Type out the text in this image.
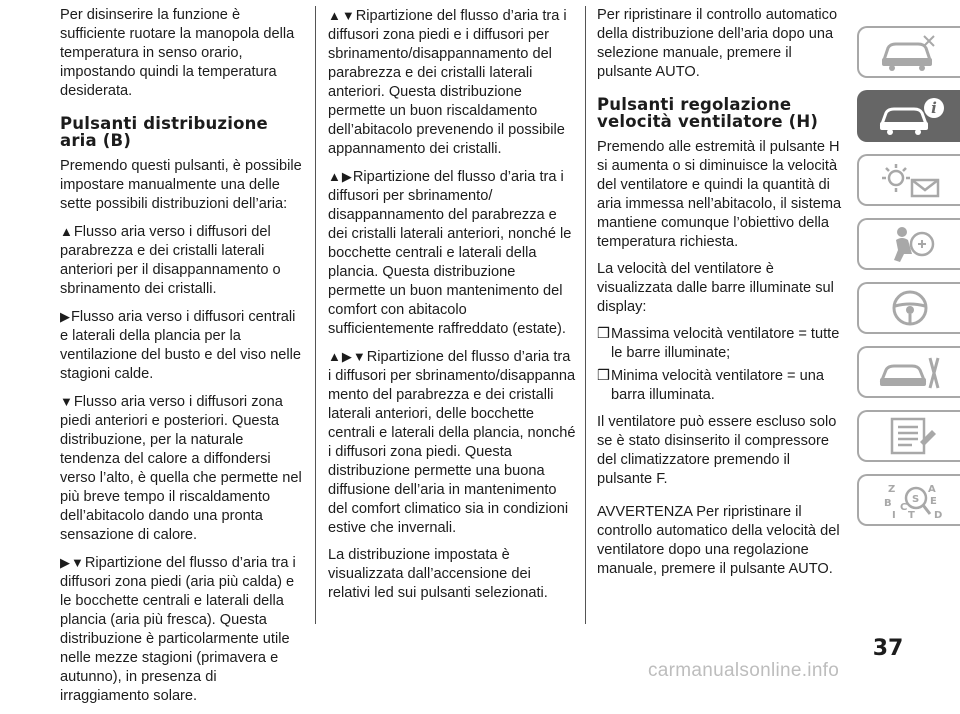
Per disinserire la funzione è sufficiente ruotare la manopola della temperatura in senso orario, impostando quindi la temperatura desiderata.

Pulsanti distribuzione aria (B)

Premendo questi pulsanti, è possibile impostare manualmente una delle sette possibili distribuzioni dell’aria:

▲Flusso aria verso i diffusori del parabrezza e dei cristalli laterali anteriori per il disappannamento o sbrinamento dei cristalli.

▶Flusso aria verso i diffusori centrali e laterali della plancia per la ventilazione del busto e del viso nelle stagioni calde.

▼Flusso aria verso i diffusori zona piedi anteriori e posteriori. Questa distribuzione, per la naturale tendenza del calore a diffondersi verso l’alto, è quella che permette nel più breve tempo il riscaldamento dell’abitacolo dando una pronta sensazione di calore.

▶▼Ripartizione del flusso d’aria tra i diffusori zona piedi (aria più calda) e le bocchette centrali e laterali della plancia (aria più fresca). Questa distribuzione è particolarmente utile nelle mezze stagioni (primavera e autunno), in presenza di irraggiamento solare.

▲▼Ripartizione del flusso d’aria tra i diffusori zona piedi e i diffusori per sbrinamento/disappannamento del parabrezza e dei cristalli laterali anteriori. Questa distribuzione permette un buon riscaldamento dell’abitacolo prevenendo il possibile appannamento dei cristalli.

▲▶Ripartizione del flusso d’aria tra i diffusori per sbrinamento/ disappannamento del parabrezza e dei cristalli laterali anteriori, nonché le bocchette centrali e laterali della plancia. Questa distribuzione permette un buon mantenimento del comfort con abitacolo sufficientemente raffreddato (estate).

▲▶▼Ripartizione del flusso d’aria tra i diffusori per sbrinamento/disappanna mento del parabrezza e dei cristalli laterali anteriori, delle bocchette centrali e laterali della plancia, nonché i diffusori zona piedi. Questa distribuzione permette una buona diffusione dell’aria in mantenimento del comfort climatico sia in condizioni estive che invernali.

La distribuzione impostata è visualizzata dall’accensione dei relativi led sui pulsanti selezionati.

Per ripristinare il controllo automatico della distribuzione dell’aria dopo una selezione manuale, premere il pulsante AUTO.

Pulsanti regolazione velocità ventilatore (H)

Premendo alle estremità il pulsante H si aumenta o si diminuisce la velocità del ventilatore e quindi la quantità di aria immessa nell’abitacolo, il sistema mantiene comunque l’obiettivo della temperatura richiesta.

La velocità del ventilatore è visualizzata dalle barre illuminate sul display:

❒ Massima velocità ventilatore = tutte le barre illuminate;
❒ Minima velocità ventilatore = una barra illuminata.

Il ventilatore può essere escluso solo se è stato disinserito il compressore del climatizzatore premendo il pulsante F.

AVVERTENZA Per ripristinare il controllo automatico della velocità del ventilatore dopo una regolazione manuale, premere il pulsante AUTO.

i
Z	A
S E
B C
I T D
37
carmanualsonline.info
